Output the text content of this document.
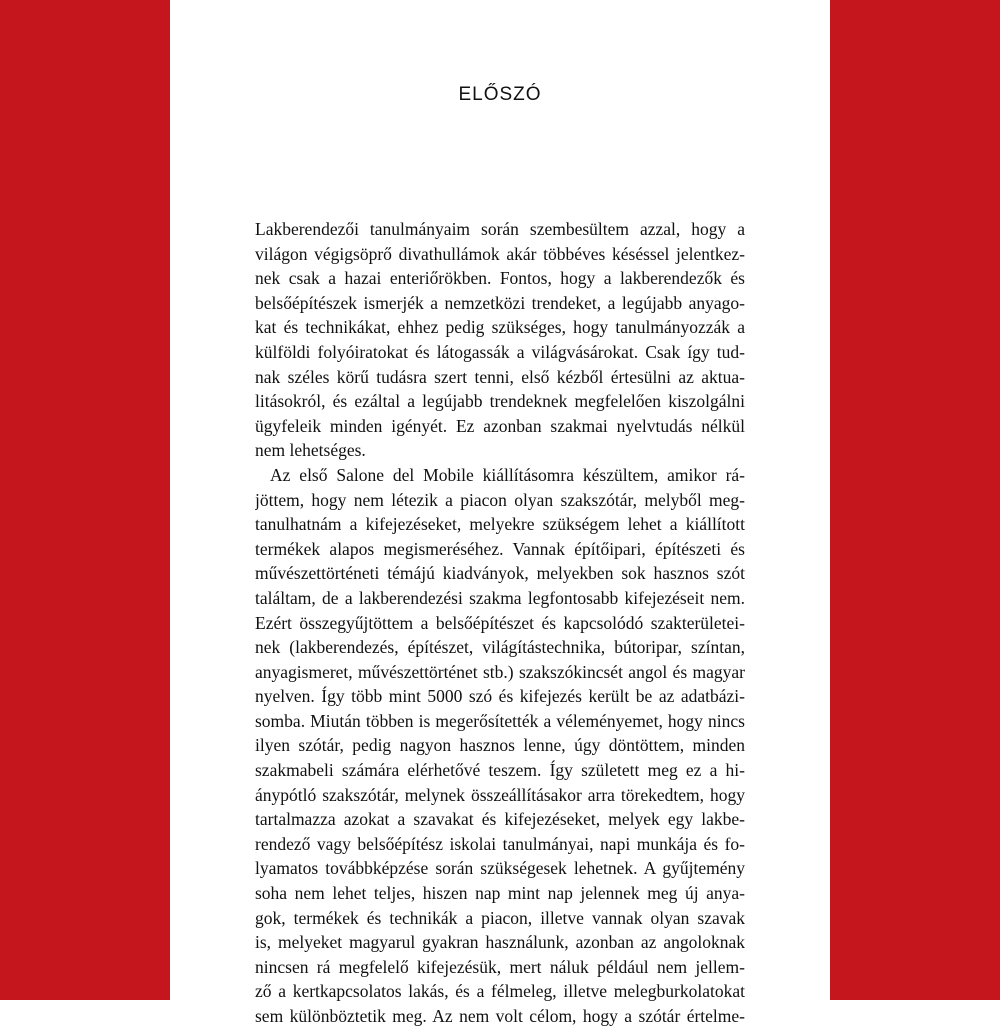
ELŐSZÓ
Lakberendezői tanulmányaim során szembesültem azzal, hogy a
világon végigsöprő divathullámok akár többéves késéssel jelentkez-
nek csak a hazai enteriőrökben. Fontos, hogy a lakberendezők és
belsőépítészek ismerjék a nemzetközi trendeket, a legújabb anyago-
kat és technikákat, ehhez pedig szükséges, hogy tanulmányozzák a
külföldi folyóiratokat és látogassák a világvásárokat. Csak így tud-
nak széles körű tudásra szert tenni, első kézből értesülni az aktua-
litásokról, és ezáltal a legújabb trendeknek megfelelően kiszolgálni
ügyfeleik minden igényét. Ez azonban szakmai nyelvtudás nélkül
nem lehetséges.
Az első Salone del Mobile kiállításomra készültem, amikor rá-
jöttem, hogy nem létezik a piacon olyan szakszótár, melyből meg-
tanulhatnám a kifejezéseket, melyekre szükségem lehet a kiállított
termékek alapos megismeréséhez. Vannak építőipari, építészeti és
művészettörténeti témájú kiadványok, melyekben sok hasznos szót
találtam, de a lakberendezési szakma legfontosabb kifejezéseit nem.
Ezért összegyűjtöttem a belsőépítészet és kapcsolódó szakterületei-
nek (lakberendezés, építészet, világítástechnika, bútoripar, színtan,
anyagismeret, művészettörténet stb.) szakszókincsét angol és magyar
nyelven. Így több mint 5000 szó és kifejezés került be az adatbázi-
somba. Miután többen is megerősítették a véleményemet, hogy nincs
ilyen szótár, pedig nagyon hasznos lenne, úgy döntöttem, minden
szakmabeli számára elérhetővé teszem. Így született meg ez a hi-
ánypótló szakszótár, melynek összeállításakor arra törekedtem, hogy
tartalmazza azokat a szavakat és kifejezéseket, melyek egy lakbe-
rendező vagy belsőépítész iskolai tanulmányai, napi munkája és fo-
lyamatos továbbképzése során szükségesek lehetnek. A gyűjtemény
soha nem lehet teljes, hiszen nap mint nap jelennek meg új anya-
gok, termékek és technikák a piacon, illetve vannak olyan szavak
is, melyeket magyarul gyakran használunk, azonban az angoloknak
nincsen rá megfelelő kifejezésük, mert náluk például nem jellem-
ző a kertkapcsolatos lakás, és a félmeleg, illetve melegburkolatokat
sem különböztetik meg. Az nem volt célom, hogy a szótár értelme-
